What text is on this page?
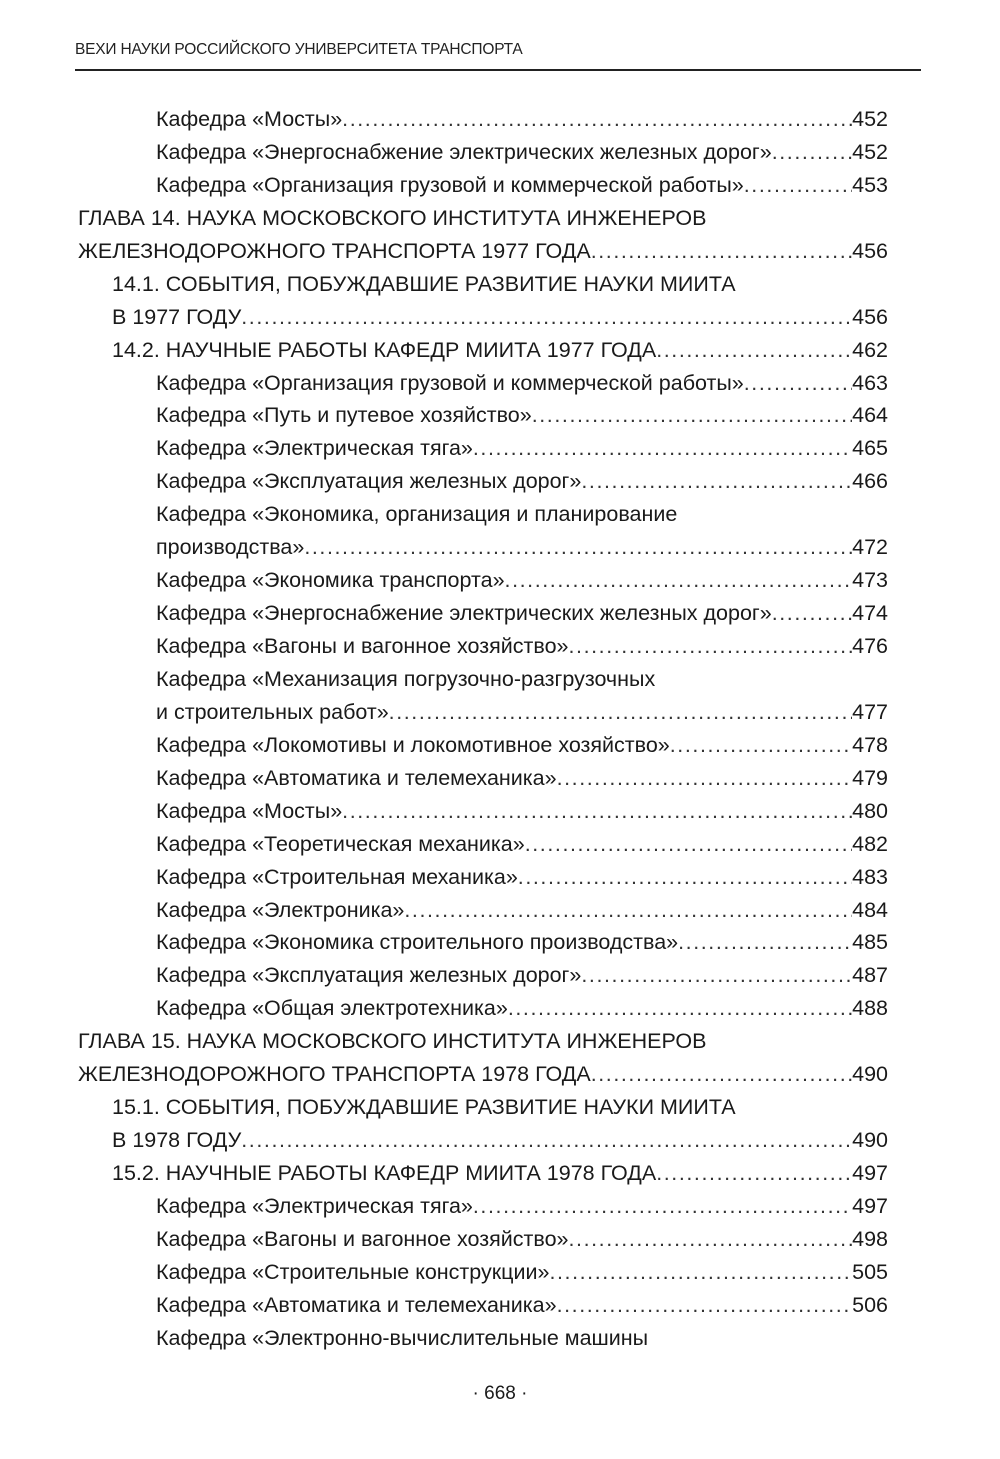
ВЕХИ НАУКИ РОССИЙСКОГО УНИВЕРСИТЕТА ТРАНСПОРТА
Кафедра «Мосты» . . .	452
Кафедра «Энергоснабжение электрических железных дорог» . . .	452
Кафедра «Организация грузовой и коммерческой работы» . . .	453
ГЛАВА 14. НАУКА МОСКОВСКОГО ИНСТИТУТА ИНЖЕНЕРОВ
ЖЕЛЕЗНОДОРОЖНОГО ТРАНСПОРТА 1977 ГОДА . . .	456
14.1. СОБЫТИЯ, ПОБУЖДАВШИЕ РАЗВИТИЕ НАУКИ МИИТА
В 1977 ГОДУ . . .	456
14.2. НАУЧНЫЕ РАБОТЫ КАФЕДР МИИТА 1977 ГОДА . . .	462
Кафедра «Организация грузовой и коммерческой работы» . . .	463
Кафедра «Путь и путевое хозяйство» . . .	464
Кафедра «Электрическая тяга» . . .	465
Кафедра «Эксплуатация железных дорог» . . .	466
Кафедра «Экономика, организация и планирование
производства» . . .	472
Кафедра «Экономика транспорта» . . .	473
Кафедра «Энергоснабжение электрических железных дорог» . . .	474
Кафедра «Вагоны и вагонное хозяйство» . . .	476
Кафедра «Механизация погрузочно-разгрузочных
и строительных работ» . . .	477
Кафедра «Локомотивы и локомотивное хозяйство» . . .	478
Кафедра «Автоматика и телемеханика» . . .	479
Кафедра «Мосты» . . .	480
Кафедра «Теоретическая механика» . . .	482
Кафедра «Строительная механика» . . .	483
Кафедра «Электроника» . . .	484
Кафедра «Экономика строительного производства» . . .	485
Кафедра «Эксплуатация железных дорог» . . .	487
Кафедра «Общая электротехника» . . .	488
ГЛАВА 15. НАУКА МОСКОВСКОГО ИНСТИТУТА ИНЖЕНЕРОВ
ЖЕЛЕЗНОДОРОЖНОГО ТРАНСПОРТА 1978 ГОДА . . .	490
15.1. СОБЫТИЯ, ПОБУЖДАВШИЕ РАЗВИТИЕ НАУКИ МИИТА
В 1978 ГОДУ . . .	490
15.2. НАУЧНЫЕ РАБОТЫ КАФЕДР МИИТА 1978 ГОДА . . .	497
Кафедра «Электрическая тяга» . . .	497
Кафедра «Вагоны и вагонное хозяйство» . . .	498
Кафедра «Строительные конструкции» . . .	505
Кафедра «Автоматика и телемеханика» . . .	506
Кафедра «Электронно-вычислительные машины
· 668 ·
